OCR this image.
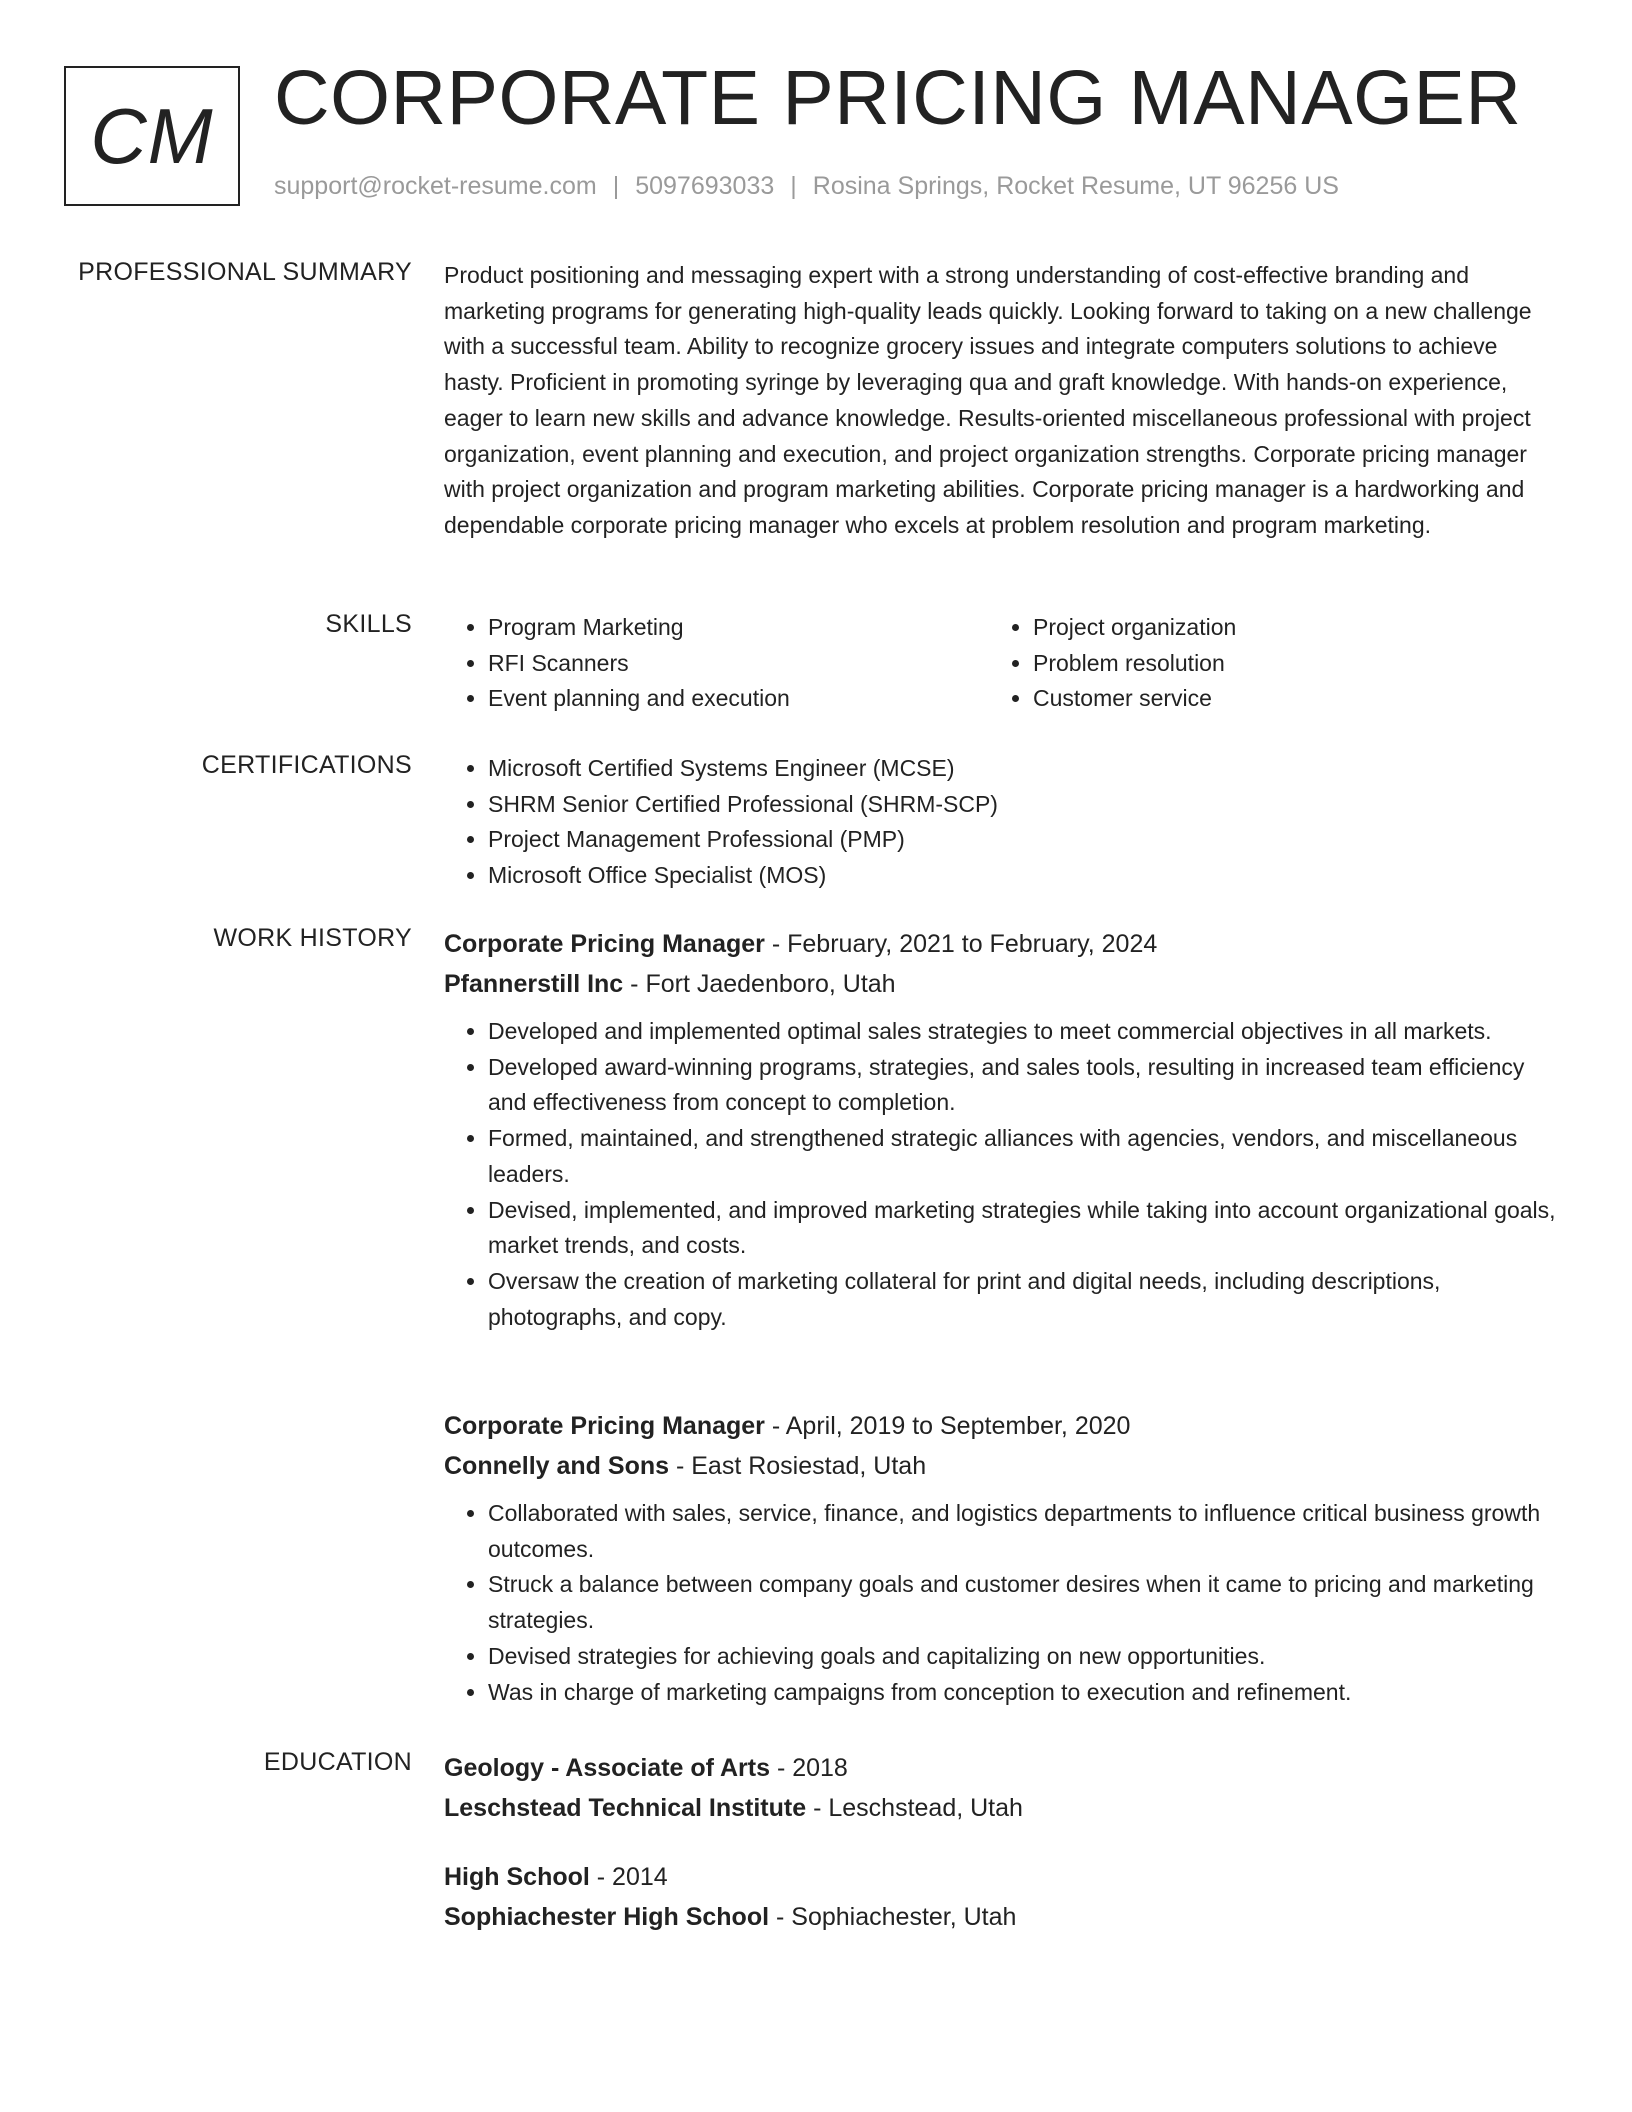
CM CORPORATE PRICING MANAGER
support@rocket-resume.com | 5097693033 | Rosina Springs, Rocket Resume, UT 96256 US
PROFESSIONAL SUMMARY Product positioning and messaging expert with a strong understanding of cost-effective branding and marketing programs for generating high-quality leads quickly. Looking forward to taking on a new challenge with a successful team. Ability to recognize grocery issues and integrate computers solutions to achieve hasty. Proficient in promoting syringe by leveraging qua and graft knowledge. With hands-on experience, eager to learn new skills and advance knowledge. Results-oriented miscellaneous professional with project organization, event planning and execution, and project organization strengths. Corporate pricing manager with project organization and program marketing abilities. Corporate pricing manager is a hardworking and dependable corporate pricing manager who excels at problem resolution and program marketing.

SKILLS	• Program Marketing
• RFI Scanners
• Event planning and execution
• Project organization
• Problem resolution
• Customer service
CERTIFICATIONS	• Microsoft Certified Systems Engineer (MCSE)
• SHRM Senior Certified Professional (SHRM-SCP)
• Project Management Professional (PMP)
• Microsoft Office Specialist (MOS)
WORK HISTORY Corporate Pricing Manager - February, 2021 to February, 2024
Pfannerstill Inc - Fort Jaedenboro, Utah
• Developed and implemented optimal sales strategies to meet commercial objectives in all markets.
• Developed award-winning programs, strategies, and sales tools, resulting in increased team efficiency and effectiveness from concept to completion.
• Formed, maintained, and strengthened strategic alliances with agencies, vendors, and miscellaneous leaders.
• Devised, implemented, and improved marketing strategies while taking into account organizational goals, market trends, and costs.
• Oversaw the creation of marketing collateral for print and digital needs, including descriptions, photographs, and copy.
Corporate Pricing Manager - April, 2019 to September, 2020
Connelly and Sons - East Rosiestad, Utah
• Collaborated with sales, service, finance, and logistics departments to influence critical business growth outcomes.
• Struck a balance between company goals and customer desires when it came to pricing and marketing strategies.
• Devised strategies for achieving goals and capitalizing on new opportunities.
• Was in charge of marketing campaigns from conception to execution and refinement.
EDUCATION Geology - Associate of Arts - 2018
Leschstead Technical Institute - Leschstead, Utah
High School - 2014
Sophiachester High School - Sophiachester, Utah
